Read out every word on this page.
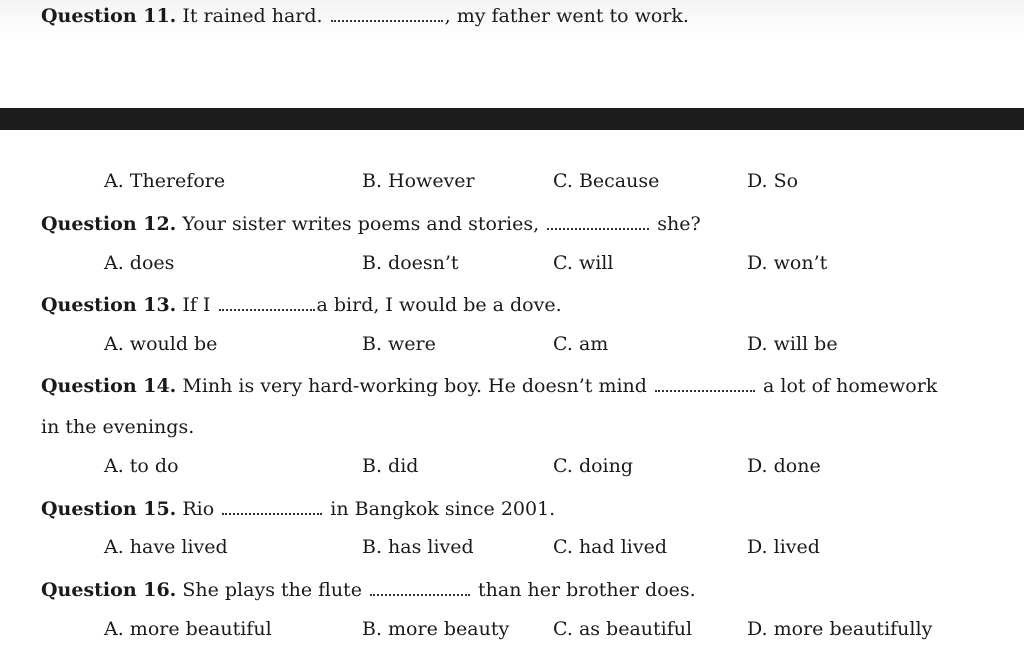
Question 11. It rained hard.	, my father went to work.
A. Therefore	B. However	C. Because	D. So
Question 12. Your sister writes poems and stories,	she?
A. does	B. doesn’t	C. will	D. won’t
Question 13. If I	a bird, I would be a dove.
A. would be	B. were	C. am	D. will be
Question 14. Minh is very hard-working boy. He doesn’t mind	a lot of homework
in the evenings.
A. to do	B. did	C. doing	D. done
Question 15. Rio	in Bangkok since 2001.
A. have lived	B. has lived	C. had lived	D. lived
Question 16. She plays the flute	than her brother does.
A. more beautiful	B. more beauty C. as beautiful	D. more beautifully
